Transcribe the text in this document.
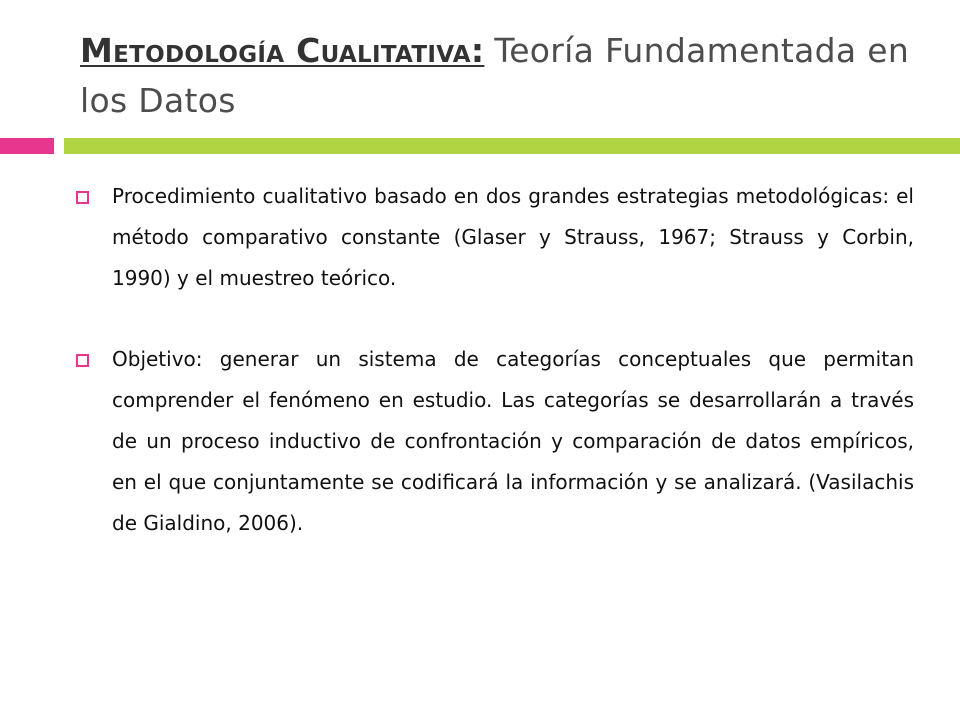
Metodología Cualitativa: Teoría Fundamentada en los Datos
Procedimiento cualitativo basado en dos grandes estrategias metodológicas: el método comparativo constante (Glaser y Strauss, 1967; Strauss y Corbin, 1990) y el muestreo teórico.
Objetivo: generar un sistema de categorías conceptuales que permitan comprender el fenómeno en estudio. Las categorías se desarrollarán a través de un proceso inductivo de confrontación y comparación de datos empíricos, en el que conjuntamente se codificará la información y se analizará. (Vasilachis de Gialdino, 2006).
